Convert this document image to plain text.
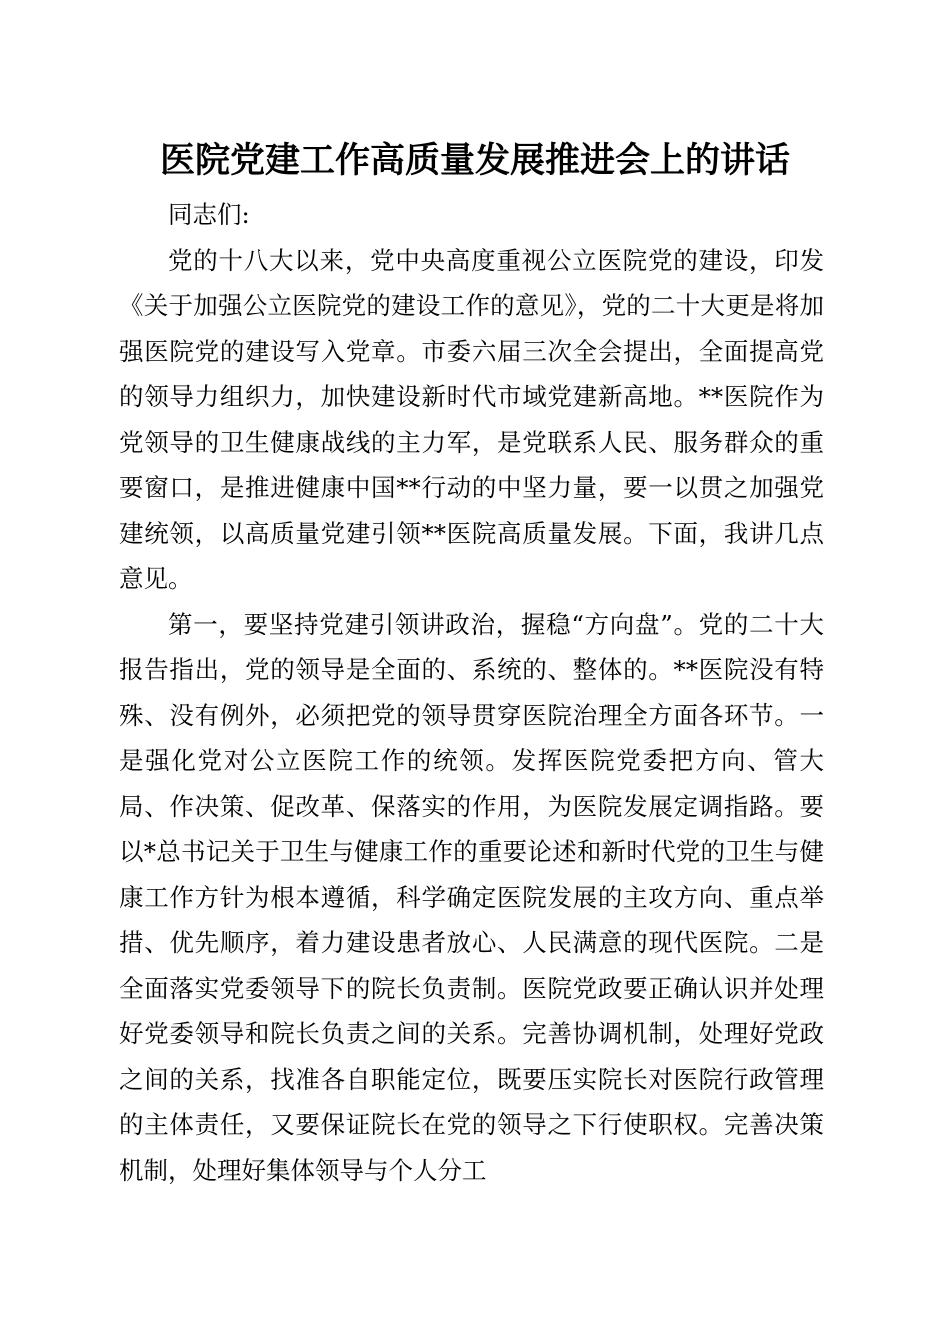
医院党建工作高质量发展推进会上的讲话

同志们:

党的十八大以来，党中央高度重视公立医院党的建设，印发《关于加强公立医院党的建设工作的意见》，党的二十大更是将加强医院党的建设写入党章。市委六届三次全会提出，全面提高党的领导力组织力，加快建设新时代市域党建新高地。**医院作为党领导的卫生健康战线的主力军，是党联系人民、服务群众的重要窗口，是推进健康中国**行动的中坚力量，要一以贯之加强党建统领，以高质量党建引领**医院高质量发展。下面，我讲几点意见。

第一，要坚持党建引领讲政治，握稳“方向盘”。党的二十大报告指出，党的领导是全面的、系统的、整体的。**医院没有特殊、没有例外，必须把党的领导贯穿医院治理全方面各环节。一是强化党对公立医院工作的统领。发挥医院党委把方向、管大局、作决策、促改革、保落实的作用，为医院发展定调指路。要以*总书记关于卫生与健康工作的重要论述和新时代党的卫生与健康工作方针为根本遵循，科学确定医院发展的主攻方向、重点举措、优先顺序，着力建设患者放心、人民满意的现代医院。二是全面落实党委领导下的院长负责制。医院党政要正确认识并处理好党委领导和院长负责之间的关系。完善协调机制，处理好党政之间的关系，找准各自职能定位，既要压实院长对医院行政管理的主体责任，又要保证院长在党的领导之下行使职权。完善决策机制，处理好集体领导与个人分工
